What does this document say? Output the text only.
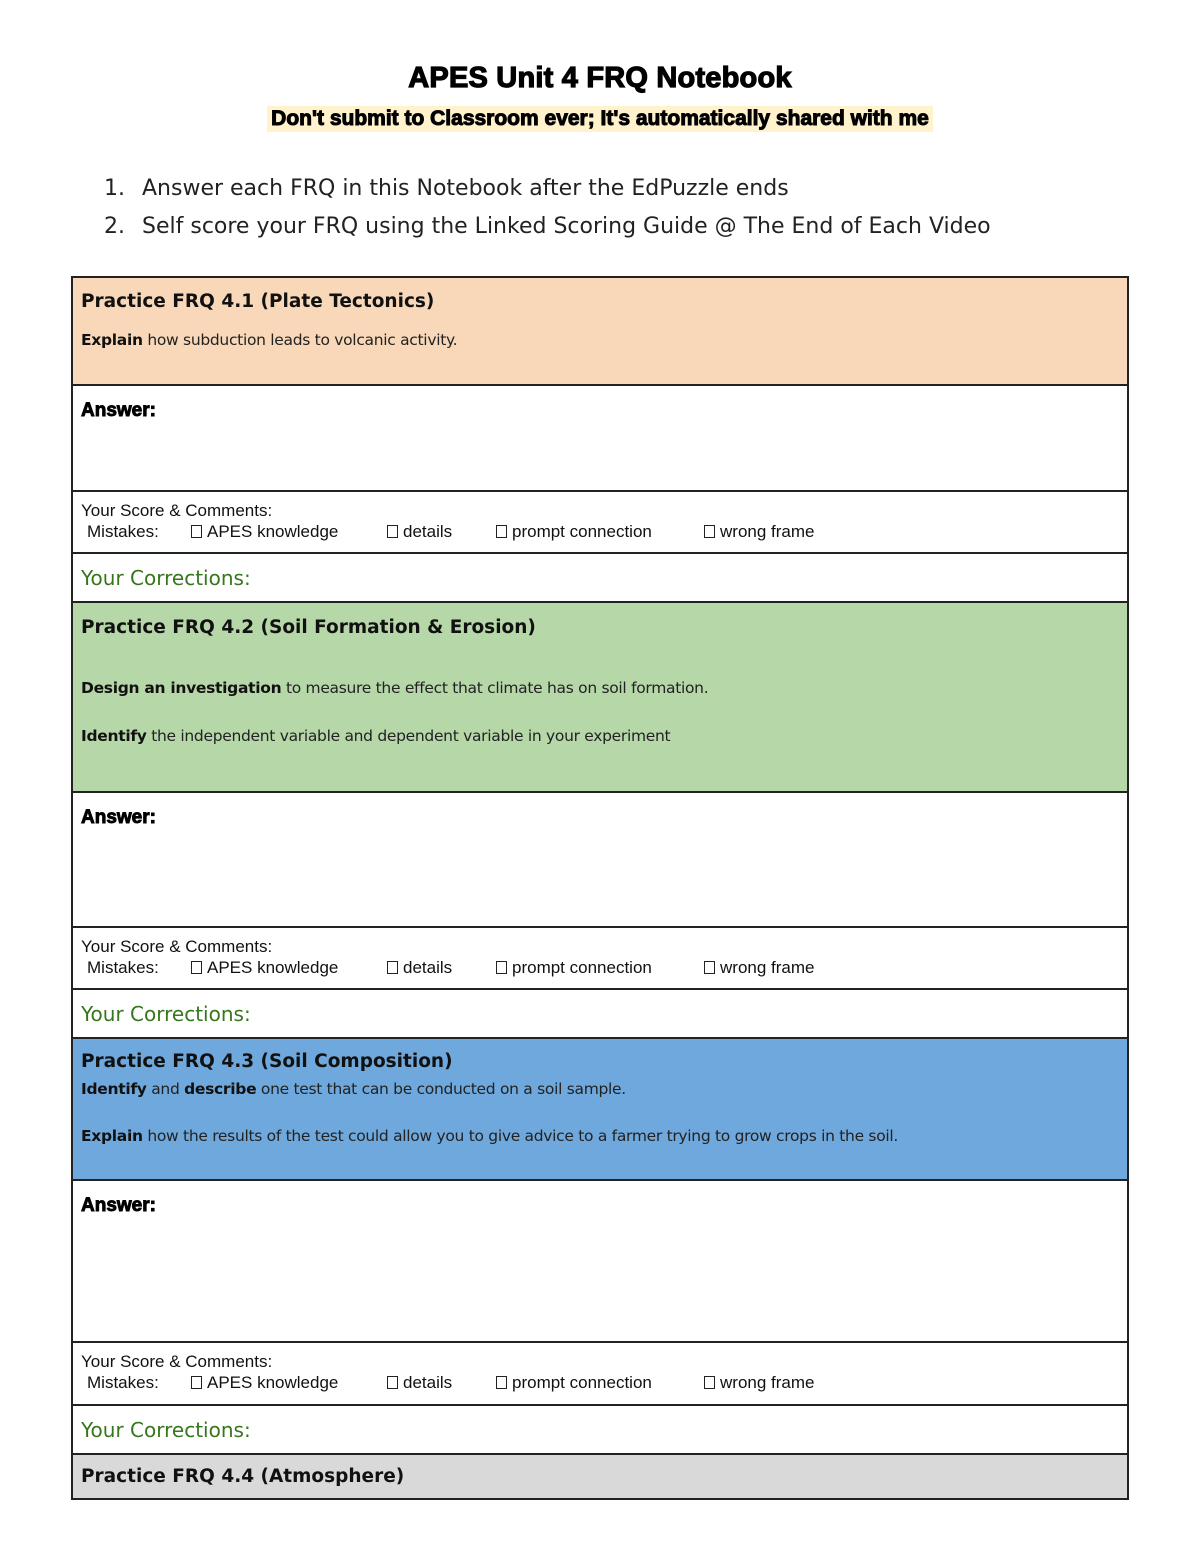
APES Unit 4 FRQ Notebook
Don't submit to Classroom ever; It's automatically shared with me
1. Answer each FRQ in this Notebook after the EdPuzzle ends
2. Self score your FRQ using the Linked Scoring Guide @ The End of Each Video
Practice FRQ 4.1 (Plate Tectonics)
Explain how subduction leads to volcanic activity.
Answer:
Your Score & Comments:
Mistakes:	APES knowledge	details	prompt connection	wrong frame
Your Corrections:
Practice FRQ 4.2 (Soil Formation & Erosion)
Design an investigation to measure the effect that climate has on soil formation.
Identify the independent variable and dependent variable in your experiment
Answer:
Your Score & Comments:
Mistakes:	APES knowledge	details	prompt connection	wrong frame
Your Corrections:
Practice FRQ 4.3 (Soil Composition)
Identify and describe one test that can be conducted on a soil sample.
Explain how the results of the test could allow you to give advice to a farmer trying to grow crops in the soil.
Answer:
Your Score & Comments:
Mistakes:	APES knowledge	details	prompt connection	wrong frame
Your Corrections:
Practice FRQ 4.4 (Atmosphere)
